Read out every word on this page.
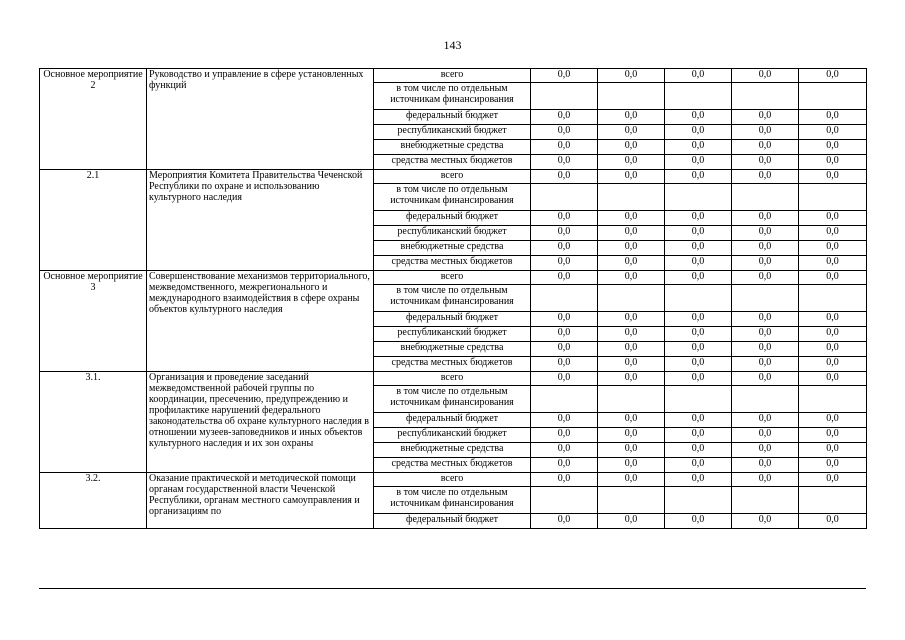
143
Основное мероприятие 2	Руководство и управление в сфере установленных функций	всего	0,0	0,0	0,0	0,0	0,0
		в том числе по отдельным источникам финансирования					
		федеральный бюджет	0,0	0,0	0,0	0,0	0,0
		республиканский бюджет	0,0	0,0	0,0	0,0	0,0
		внебюджетные средства	0,0	0,0	0,0	0,0	0,0
		средства местных бюджетов	0,0	0,0	0,0	0,0	0,0
2.1	Мероприятия Комитета Правительства Чеченской Республики по охране и использованию культурного наследия	всего	0,0	0,0	0,0	0,0	0,0
		в том числе по отдельным источникам финансирования					
		федеральный бюджет	0,0	0,0	0,0	0,0	0,0
		республиканский бюджет	0,0	0,0	0,0	0,0	0,0
		внебюджетные средства	0,0	0,0	0,0	0,0	0,0
		средства местных бюджетов	0,0	0,0	0,0	0,0	0,0
Основное мероприятие 3	Совершенствование механизмов территориального, межведомственного, межрегионального и международного взаимодействия в сфере охраны объектов культурного наследия	всего	0,0	0,0	0,0	0,0	0,0
		в том числе по отдельным источникам финансирования					
		федеральный бюджет	0,0	0,0	0,0	0,0	0,0
		республиканский бюджет	0,0	0,0	0,0	0,0	0,0
		внебюджетные средства	0,0	0,0	0,0	0,0	0,0
		средства местных бюджетов	0,0	0,0	0,0	0,0	0,0
3.1.	Организация и проведение заседаний межведомственной рабочей группы по координации, пресечению, предупреждению и профилактике нарушений федерального законодательства об охране культурного наследия в отношении музеев-заповедников и иных объектов культурного наследия и их зон охраны	всего	0,0	0,0	0,0	0,0	0,0
		в том числе по отдельным источникам финансирования					
		федеральный бюджет	0,0	0,0	0,0	0,0	0,0
		республиканский бюджет	0,0	0,0	0,0	0,0	0,0
		внебюджетные средства	0,0	0,0	0,0	0,0	0,0
		средства местных бюджетов	0,0	0,0	0,0	0,0	0,0
3.2.	Оказание практической и методической помощи органам государственной власти Чеченской Республики, органам местного самоуправления и организациям по	всего	0,0	0,0	0,0	0,0	0,0
		в том числе по отдельным источникам финансирования					
		федеральный бюджет	0,0	0,0	0,0	0,0	0,0
